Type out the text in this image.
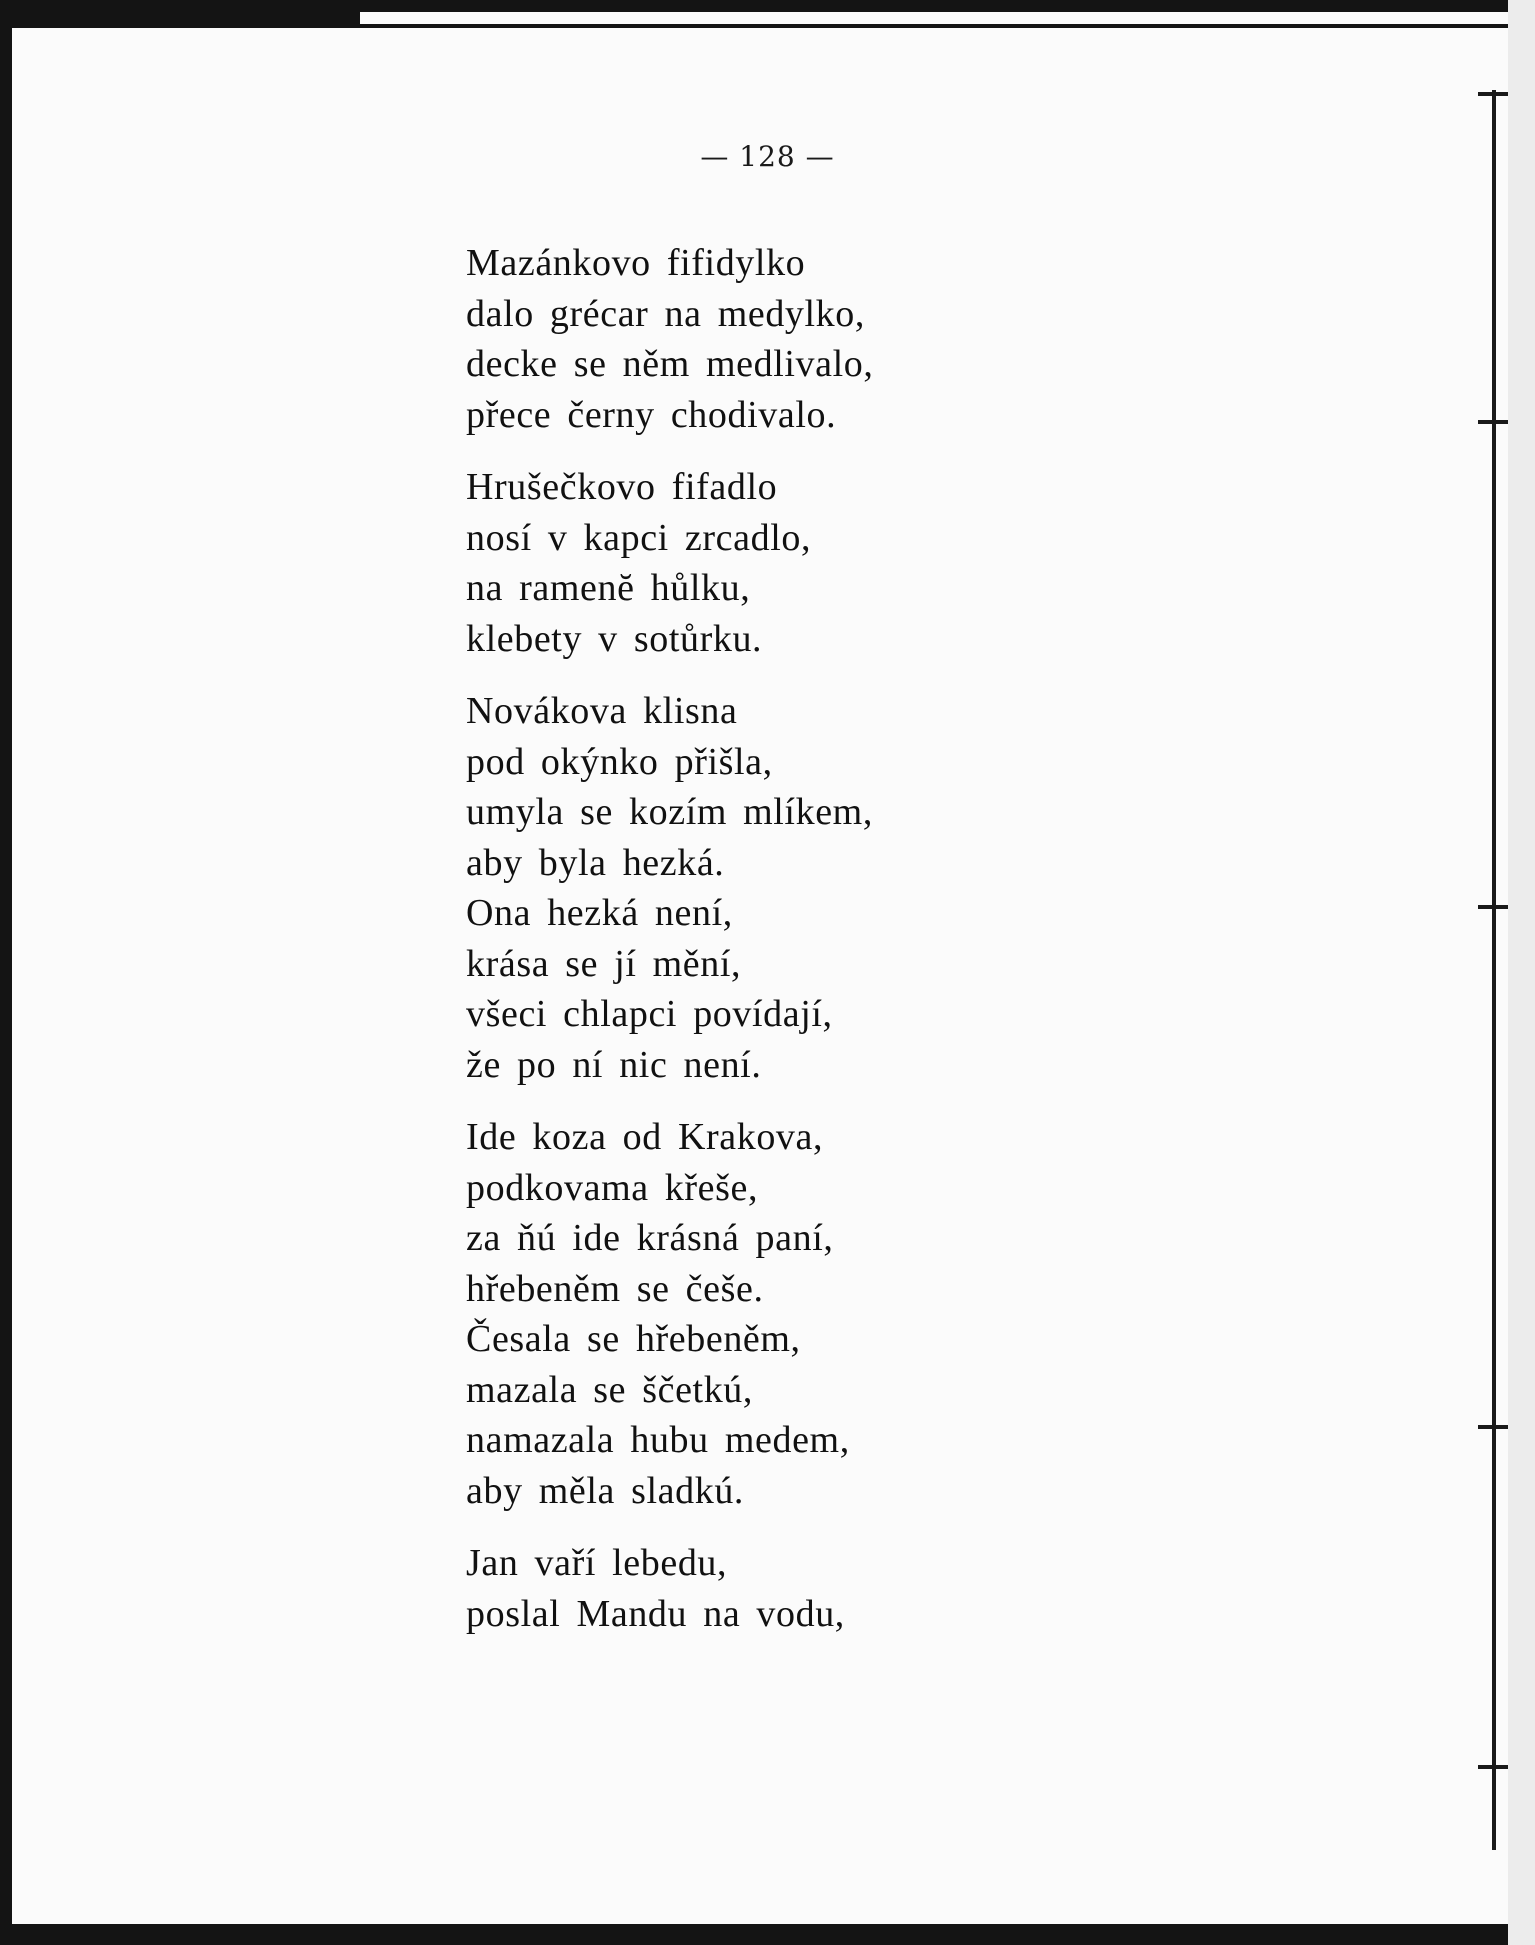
— 128 —
Mazánkovo fifidylko
dalo grécar na medylko,
decke se něm medlivalo,
přece černy chodivalo.
Hrušečkovo fifadlo
nosí v kapci zrcadlo,
na ramenĕ hůlku,
klebety v sotůrku.
Novákova klisna
pod okýnko přišla,
umyla se kozím mlíkem,
aby byla hezká.
Ona hezká není,
krása se jí mění,
všeci chlapci povídají,
že po ní nic není.
Ide koza od Krakova,
podkovama křeše,
za ňú ide krásná paní,
hřebeněm se češe.
Česala se hřebeněm,
mazala se ščetkú,
namazala hubu medem,
aby měla sladkú.
Jan vaří lebedu,
poslal Mandu na vodu,
